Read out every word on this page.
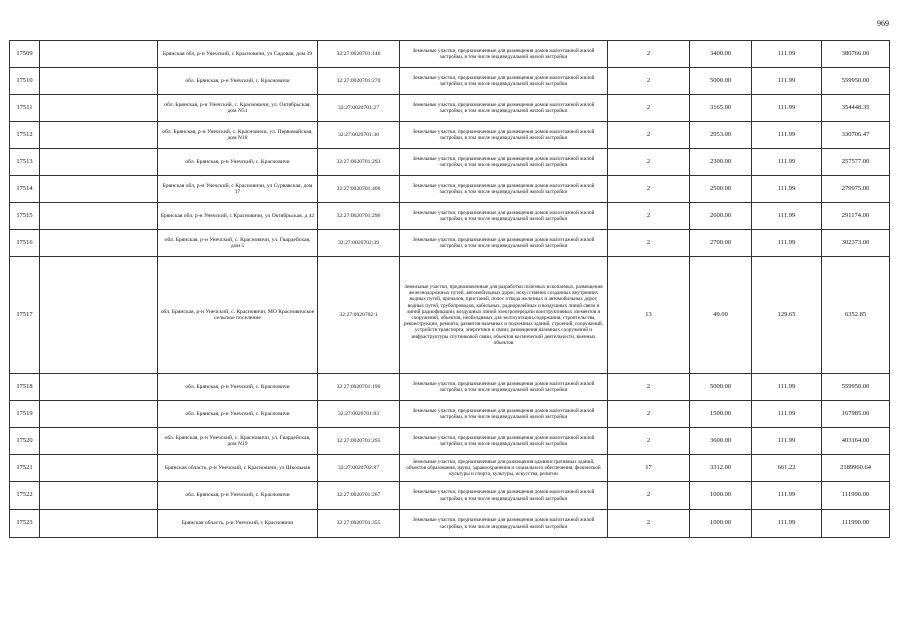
969
17509		Брянская обл, р-н Унечский, с Красновичи, ул Садовая, дом 39	32:27:0020701:146	Земельные участки, предназначенные для размещения домов малоэтажной жилой застройки, в том числе индивидуальной жилой застройки	2	3400.00	111.99	380766.00
17510		обл. Брянская, р-н Унечский, с. Красновичи	32:27:0020701:270	Земельные участки, предназначенные для размещения домов малоэтажной жилой застройки, в том числе индивидуальной жилой застройки	2	5000.00	111.99	559950.00
17511		обл. Брянская, р-н Унечский, с. Красновичи, ул. Октябрьская, дом N51	32:27:0020701:27	Земельные участки, предназначенные для размещения домов малоэтажной жилой застройки, в том числе индивидуальной жилой застройки	2	3165.00	111.99	354448.35
17512		обл. Брянская, р-н Унечский, с. Красновичи, ул. Первомайская, дом N18	32:27:0020701:30	Земельные участки, предназначенные для размещения домов малоэтажной жилой застройки, в том числе индивидуальной жилой застройки	2	2953.00	111.99	330706.47
17513		обл. Брянская, р-н Унечский, с. Красновичи	32:27:0020701:293	Земельные участки, предназначенные для размещения домов малоэтажной жилой застройки, в том числе индивидуальной жилой застройки	2	2300.00	111.99	257577.00
17514		Брянская обл, р-н Унечский, с Красновичи, ул Сурвавская, дом 17	32:27:0020701:400	Земельные участки, предназначенные для размещения домов малоэтажной жилой застройки, в том числе индивидуальной жилой застройки	2	2500.00	111.99	279975.00
17515		Брянская обл, р-н Унечский, с Красновичи, ул Октябрьская, д 42	32:27:0020701:296	Земельные участки, предназначенные для размещения домов малоэтажной жилой застройки, в том числе индивидуальной жилой застройки	2	2600.00	111.99	291174.00
17516		обл. Брянская, р-н Унечский, с. Красновичи, ул. Гвардейская, дом 5	32:27:0020702:39	Земельные участки, предназначенные для размещения домов малоэтажной жилой застройки, в том числе индивидуальной жилой застройки	2	2700.00	111.99	302373.00
17517		обл. Брянская, р-н Унечский, с. Красновичи, МО Красновичское сельское поселение	32:27:0020702:1	Земельные участки, предназначенные для разработки полезных ископаемых, размещения железнодорожных путей, автомобильных дорог, искусственно созданных внутренних водных путей, причалов, пристаней, полос отвода железных и автомобильных дорог, водных путей, трубопроводов, кабельных, радиорелейных и воздушных линий связи и линий радиофикации, воздушных линий электропередачи конструктивных элементов и сооружений, объектов, необходимых для эксплуатации,содержания, строительства, реконструкции, ремонта, развития наземных и подземных зданий, строений, сооружений, устройств транспорта, энергетики и связи; размещения наземных сооружений и инфраструктуры спутниковой связи, объектов космической деятельности, военных объектов	13	49.00	129.65	6352.85
17518		обл. Брянская, р-н Унечский, с. Красновичи	32:27:0020701:190	Земельные участки, предназначенные для размещения домов малоэтажной жилой застройки, в том числе индивидуальной жилой застройки	2	5000.00	111.99	559950.00
17519		обл. Брянская, р-н Унечский, с. Красновичи	32:27:0020701:83	Земельные участки, предназначенные для размещения домов малоэтажной жилой застройки, в том числе индивидуальной жилой застройки	2	1500.00	111.99	167985.00
17520		обл. Брянская, р-н Унечский, с. Красновичи, ул. Гвардейская, дом N19	32:27:0020701:295	Земельные участки, предназначенные для размещения домов малоэтажной жилой застройки, в том числе индивидуальной жилой застройки	2	3600.00	111.99	403164.00
17521		Брянская область, р-н Унечский, с Красновичи, ул Школьная	32:27:0020702:87	Земельные участки, предназначенные для размещения административных зданий, объектов образования, науки, здравоохранения и социального обеспечения, физической культуры и спорта, культуры, искусства, религии	17	3312.00	661.22	2189960.64
17522		обл. Брянская, р-н Унечский, с. Красновичи	32:27:0020701:267	Земельные участки, предназначенные для размещения домов малоэтажной жилой застройки, в том числе индивидуальной жилой застройки	2	1000.00	111.99	111990.00
17523		Брянская область, р-н Унечский, с Красновичи	32:27:0020701:355	Земельные участки, предназначенные для размещения домов малоэтажной жилой застройки, в том числе индивидуальной жилой застройки	2	1000.00	111.99	111990.00
